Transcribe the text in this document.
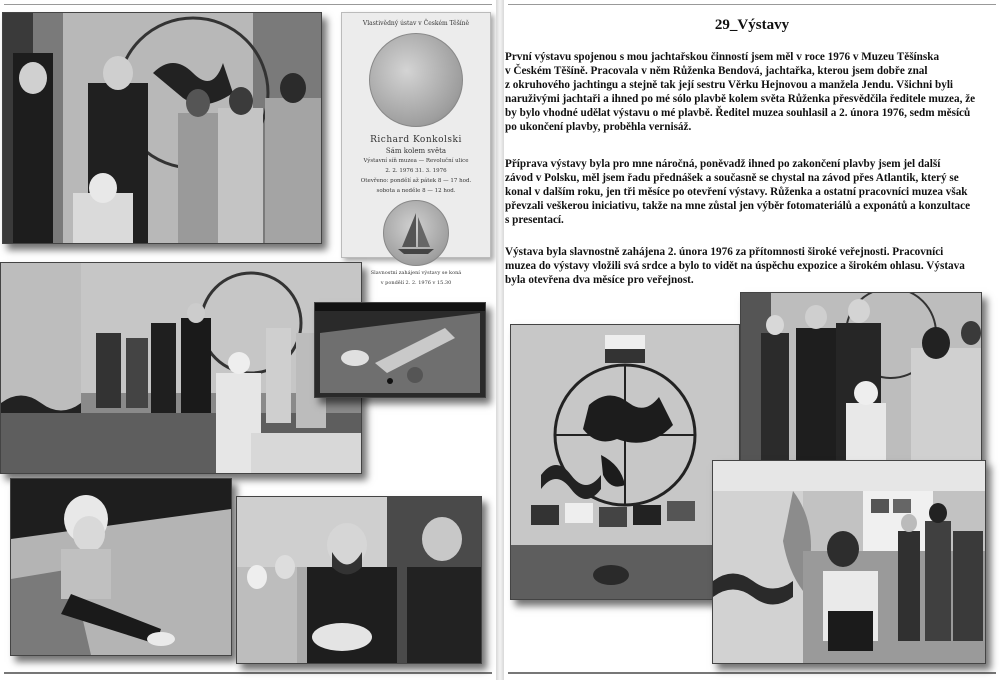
Vlastivědný ústav v Českém Těšíně
Richard Konkolski
Sám kolem světa
Výstavní síň muzea — Revoluční ulice
2. 2. 1976 31. 3. 1976
Otevřeno: pondělí až pátek 8 — 17 hod.
sobota a neděle 8 — 12 hod.
Slavnostní zahájení výstavy se koná
v pondělí 2. 2. 1976 v 15.30
29_Výstavy

První výstavu spojenou s mou jachtařskou činností jsem měl v roce 1976 v Muzeu Těšínska
v Českém Těšíně. Pracovala v něm Růženka Bendová, jachtařka, kterou jsem dobře znal
z okruhového jachtingu a stejně tak její sestru Věrku Hejnovou a manžela Jendu. Všichni byli
naruživými jachtaři a ihned po mé sólo plavbě kolem světa Růženka přesvědčila ředitele muzea, že
by bylo vhodné udělat výstavu o mé plavbě. Ředitel muzea souhlasil a 2. února 1976, sedm měsíců
po ukončení plavby, proběhla vernisáž.

Příprava výstavy byla pro mne náročná, poněvadž ihned po zakončení plavby jsem jel další
závod v Polsku, měl jsem řadu přednášek a současně se chystal na závod přes Atlantik, který se
konal v dalším roku, jen tři měsíce po otevření výstavy. Růženka a ostatní pracovníci muzea však
převzali veškerou iniciativu, takže na mne zůstal jen výběr fotomateriálů a exponátů a konzultace
s presentací.

Výstava byla slavnostně zahájena 2. února 1976 za přítomnosti široké veřejnosti. Pracovníci
muzea do výstavy vložili svá srdce a bylo to vidět na úspěchu expozice a širokém ohlasu. Výstava
byla otevřena dva měsíce pro veřejnost.
